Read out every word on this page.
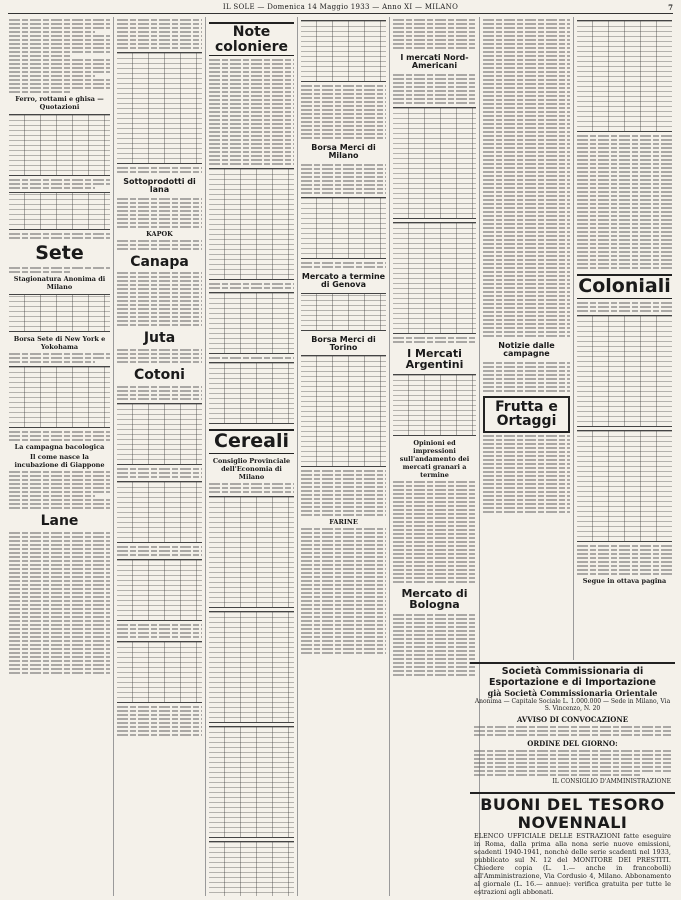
IL SOLE — Domenica 14 Maggio 1933 — Anno XI — MILANO	7
Ferro, rottami e ghisa — Quotazioni
Sete
Stagionatura Anonima di Milano
Borsa Sete di New York e Yokohama
La campagna bacologica
Il come nasce la incubazione di Giappone
Lane
Sottoprodotti di lana
KAPOK
Canapa
Juta
Cotoni
Note coloniere
Cereali
Consiglio Provinciale dell'Economia di Milano
Borsa Merci di Milano
Mercato a termine di Genova
Borsa Merci di Torino
FARINE
I mercati Nord-Americani
I Mercati Argentini
Opinioni ed impressioni sull'andamento dei mercati granari a termine
Mercato di Bologna
Notizie dalle campagne
Frutta e Ortaggi
Coloniali
Segue in ottava pagina
Società Commissionaria di Esportazione e di Importazione
già Società Commissionaria Orientale
Anonima — Capitale Sociale L. 1.000.000 — Sede in Milano, Via S. Vincenzo, N. 20
AVVISO DI CONVOCAZIONE
ORDINE DEL GIORNO:
IL CONSIGLIO D'AMMINISTRAZIONE
BUONI DEL TESORO NOVENNALI
ELENCO UFFICIALE DELLE ESTRAZIONI fatte eseguire in Roma, dalla prima alla nona serie nuove emissioni, scadenti 1940-1941, nonchè delle serie scadenti nel 1933, pubblicato sul N. 12 del MONITORE DEI PRESTITI. Chiedere copia (L. 1.— anche in francobolli) all'Amministrazione, Via Cordusio 4, Milano. Abbonamento al giornale (L. 16.— annue): verifica gratuita per tutte le estrazioni agli abbonati.
